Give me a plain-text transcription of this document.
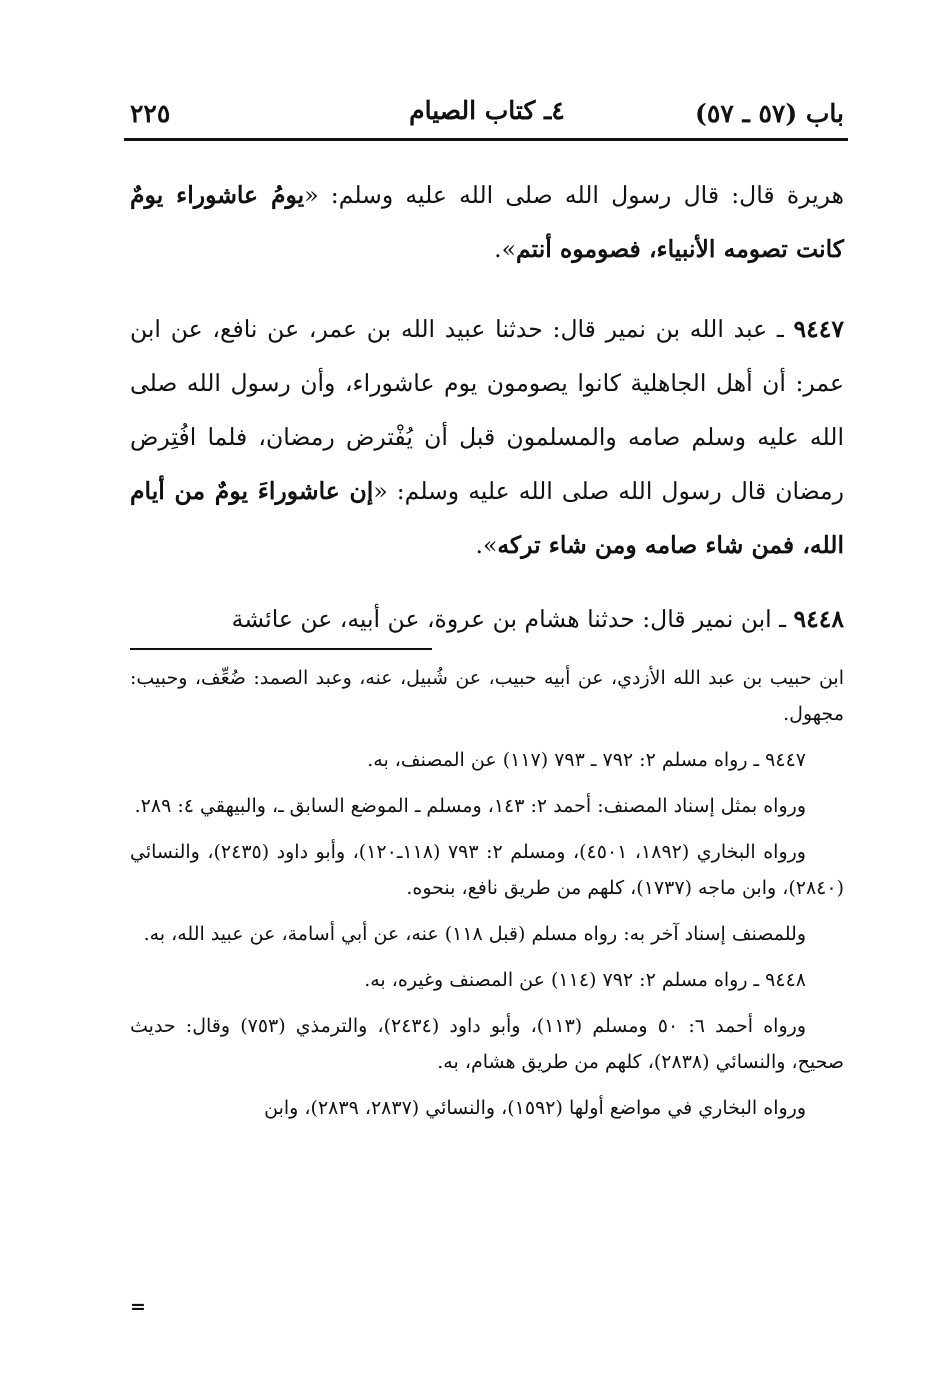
باب (٥٧ ـ ٥٧)
٤ـ كتاب الصيام
٢٢٥

هريرة قال: قال رسول الله صلى الله عليه وسلم: «يومُ عاشوراء يومٌ كانت تصومه الأنبياء، فصوموه أنتم».

٩٤٤٧ ـ عبد الله بن نمير قال: حدثنا عبيد الله بن عمر، عن نافع، عن ابن عمر: أن أهل الجاهلية كانوا يصومون يوم عاشوراء، وأن رسول الله صلى الله عليه وسلم صامه والمسلمون قبل أن يُفْترض رمضان، فلما افُتِرض رمضان قال رسول الله صلى الله عليه وسلم: «إن عاشوراءَ يومٌ من أيام الله، فمن شاء صامه ومن شاء تركه».

٩٤٤٨ ـ ابن نمير قال: حدثنا هشام بن عروة، عن أبيه، عن عائشة

ابن حبيب بن عبد الله الأزدي، عن أبيه حبيب، عن شُبيل، عنه، وعبد الصمد: ضُعِّف، وحبيب: مجهول.

٩٤٤٧ ـ رواه مسلم ٢: ٧٩٢ ـ ٧٩٣ (١١٧) عن المصنف، به.

ورواه بمثل إسناد المصنف: أحمد ٢: ١٤٣، ومسلم ـ الموضع السابق ـ، والبيهقي ٤: ٢٨٩.

ورواه البخاري (١٨٩٢، ٤٥٠١)، ومسلم ٢: ٧٩٣ (١١٨ـ١٢٠)، وأبو داود (٢٤٣٥)، والنسائي (٢٨٤٠)، وابن ماجه (١٧٣٧)، كلهم من طريق نافع، بنحوه.

وللمصنف إسناد آخر به: رواه مسلم (قبل ١١٨) عنه، عن أبي أسامة، عن عبيد الله، به.

٩٤٤٨ ـ رواه مسلم ٢: ٧٩٢ (١١٤) عن المصنف وغيره، به.

ورواه أحمد ٦: ٥٠ ومسلم (١١٣)، وأبو داود (٢٤٣٤)، والترمذي (٧٥٣) وقال: حديث صحيح، والنسائي (٢٨٣٨)، كلهم من طريق هشام، به.

ورواه البخاري في مواضع أولها (١٥٩٢)، والنسائي (٢٨٣٧، ٢٨٣٩)، وابن

=
